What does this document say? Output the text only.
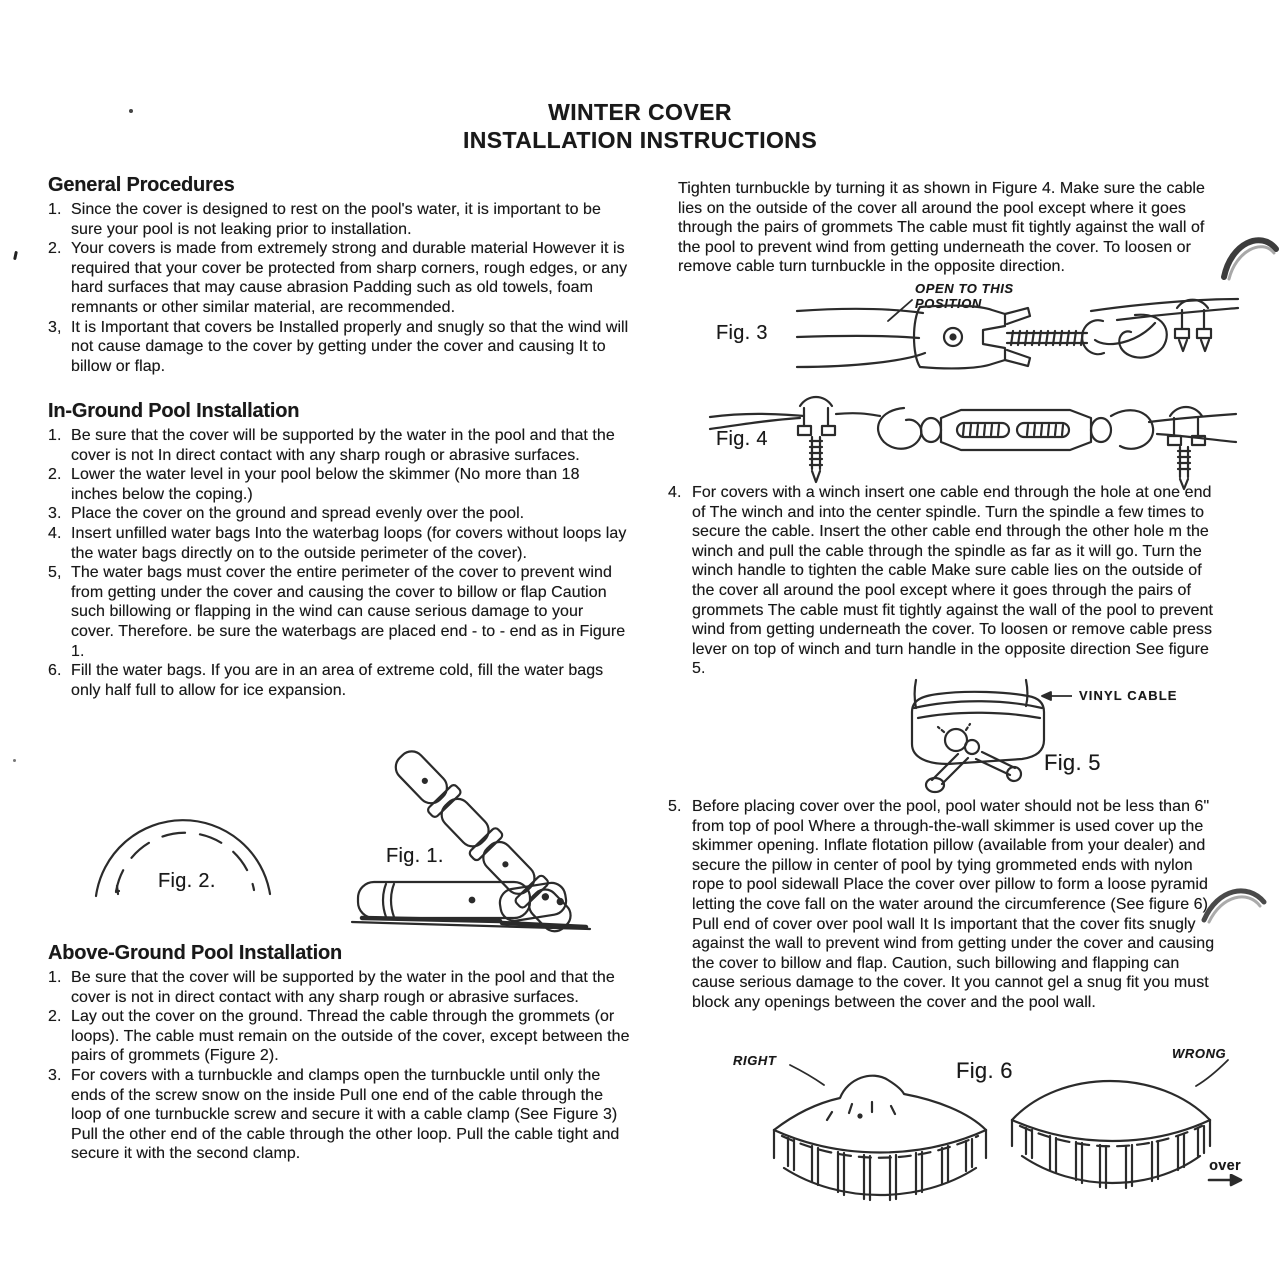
WINTER COVER
INSTALLATION INSTRUCTIONS
General Procedures
1. Since the cover is designed to rest on the pool's water, it is important to be sure your pool is not leaking prior to installation.
2. Your covers is made from extremely strong and durable material However it is required that your cover be protected from sharp corners, rough edges, or any hard surfaces that may cause abrasion Padding such as old towels, foam remnants or other similar material, are recommended.
3, It is Important that covers be Installed properly and snugly so that the wind will not cause damage to the cover by getting under the cover and causing It to billow or flap.
In-Ground Pool Installation
1. Be sure that the cover will be supported by the water in the pool and that the cover is not In direct contact with any sharp rough or abrasive surfaces.
2. Lower the water level in your pool below the skimmer (No more than 18 inches below the coping.)
3. Place the cover on the ground and spread evenly over the pool.
4. Insert unfilled water bags Into the waterbag loops (for covers without loops lay the water bags directly on to the outside perimeter of the cover).
5, The water bags must cover the entire perimeter of the cover to prevent wind from getting under the cover and causing the cover to billow or flap Caution such billowing or flapping in the wind can cause serious damage to your cover. Therefore. be sure the waterbags are placed end - to - end as in Figure 1.
6. Fill the water bags. If you are in an area of extreme cold, fill the water bags only half full to allow for ice expansion.
Fig. 2.
Fig. 1.
Above-Ground Pool Installation
1. Be sure that the cover will be supported by the water in the pool and that the cover is not in direct contact with any sharp rough or abrasive surfaces.
2. Lay out the cover on the ground. Thread the cable through the grommets (or loops). The cable must remain on the outside of the cover, except between the pairs of grommets (Figure 2).
3. For covers with a turnbuckle and clamps open the turnbuckle until only the ends of the screw snow on the inside Pull one end of the cable through the loop of one turnbuckle screw and secure it with a cable clamp (See Figure 3) Pull the other end of the cable through the other loop. Pull the cable tight and secure it with the second clamp.
Tighten turnbuckle by turning it as shown in Figure 4. Make sure the cable lies on the outside of the cover all around the pool except where it goes through the pairs of grommets The cable must fit tightly against the wall of the pool to prevent wind from getting underneath the cover. To loosen or remove cable turn turnbuckle in the opposite direction.
OPEN TO THIS POSITION
Fig. 3
Fig. 4
4. For covers with a winch insert one cable end through the hole at one end of The winch and into the center spindle. Turn the spindle a few times to secure the cable. Insert the other cable end through the other hole m the winch and pull the cable through the spindle as far as it will go. Turn the winch handle to tighten the cable Make sure cable lies on the outside of the cover all around the pool except where it goes through the pairs of grommets The cable must fit tightly against the wall of the pool to prevent wind from getting underneath the cover. To loosen or remove cable press lever on top of winch and turn handle in the opposite direction See figure 5.
VINYL CABLE
Fig. 5
5. Before placing cover over the pool, pool water should not be less than 6" from top of pool Where a through-the-wall skimmer is used cover up the skimmer opening. Inflate flotation pillow (available from your dealer) and secure the pillow in center of pool by tying grommeted ends with nylon rope to pool sidewall Place the cover over pillow to form a loose pyramid letting the cove fall on the water around the circumference (See figure 6) Pull end of cover over pool wall It Is important that the cover fits snugly against the wall to prevent wind from getting under the cover and causing the cover to billow and flap. Caution, such billowing and flapping can cause serious damage to the cover. It you cannot gel a snug fit you must block any openings between the cover and the pool wall.
RIGHT	Fig. 6
WRONG
over
